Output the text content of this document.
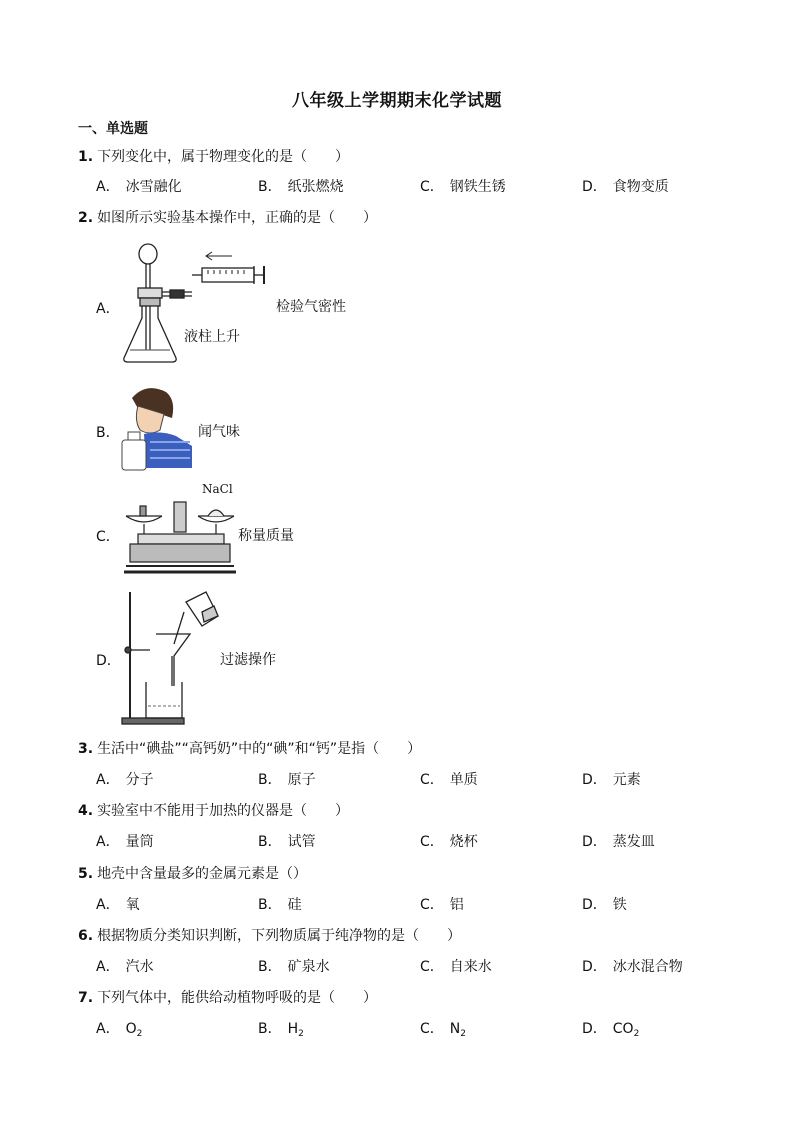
八年级上学期期末化学试题
一、单选题
1. 下列变化中，属于物理变化的是（　　）
A． 冰雪融化	B． 纸张燃烧	C． 钢铁生锈	D． 食物变质
2. 如图所示实验基本操作中，正确的是（　　）
A．
液柱上升
检验气密性
B．	闻气味
C．
NaCl
称量质量
D．	过滤操作
3. 生活中“碘盐”“高钙奶”中的“碘”和“钙”是指（　　）
A． 分子	B． 原子	C． 单质	D． 元素
4. 实验室中不能用于加热的仪器是（　　）
A． 量筒	B． 试管	C． 烧杯	D． 蒸发皿
5. 地壳中含量最多的金属元素是（）
A． 氧	B． 硅	C． 铝	D． 铁
6. 根据物质分类知识判断，下列物质属于纯净物的是（　　）
A． 汽水	B． 矿泉水	C． 自来水	D． 冰水混合物
7. 下列气体中，能供给动植物呼吸的是（　　）
A． $O_2$	B． $H_2$	C． $N_2$	D． $CO_2$
